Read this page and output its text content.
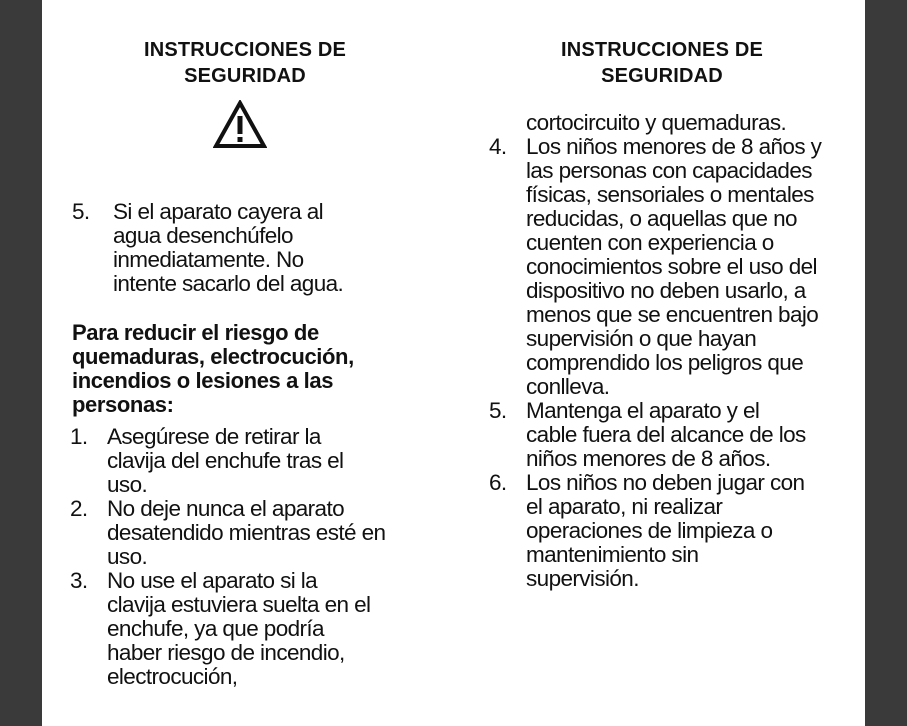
INSTRUCCIONES DE
SEGURIDAD
5.	Si el aparato cayera al agua desenchúfelo inmediatamente. No intente sacarlo del agua.

Para reducir el riesgo de quemaduras, electrocución, incendios o lesiones a las personas:

1. Asegúrese de retirar la clavija del enchufe tras el uso.
2. No deje nunca el aparato desatendido mientras esté en uso.
3. No use el aparato si la clavija estuviera suelta en el enchufe, ya que podría haber riesgo de incendio, electrocución,
INSTRUCCIONES DE
SEGURIDAD

cortocircuito y quemaduras.

4. Los niños menores de 8 años y las personas con capacidades físicas, sensoriales o mentales reducidas, o aquellas que no cuenten con experiencia o conocimientos sobre el uso del dispositivo no deben usarlo, a menos que se encuentren bajo supervisión o que hayan comprendido los peligros que conlleva.
5. Mantenga el aparato y el cable fuera del alcance de los niños menores de 8 años.
6. Los niños no deben jugar con el aparato, ni realizar operaciones de limpieza o mantenimiento sin supervisión.
